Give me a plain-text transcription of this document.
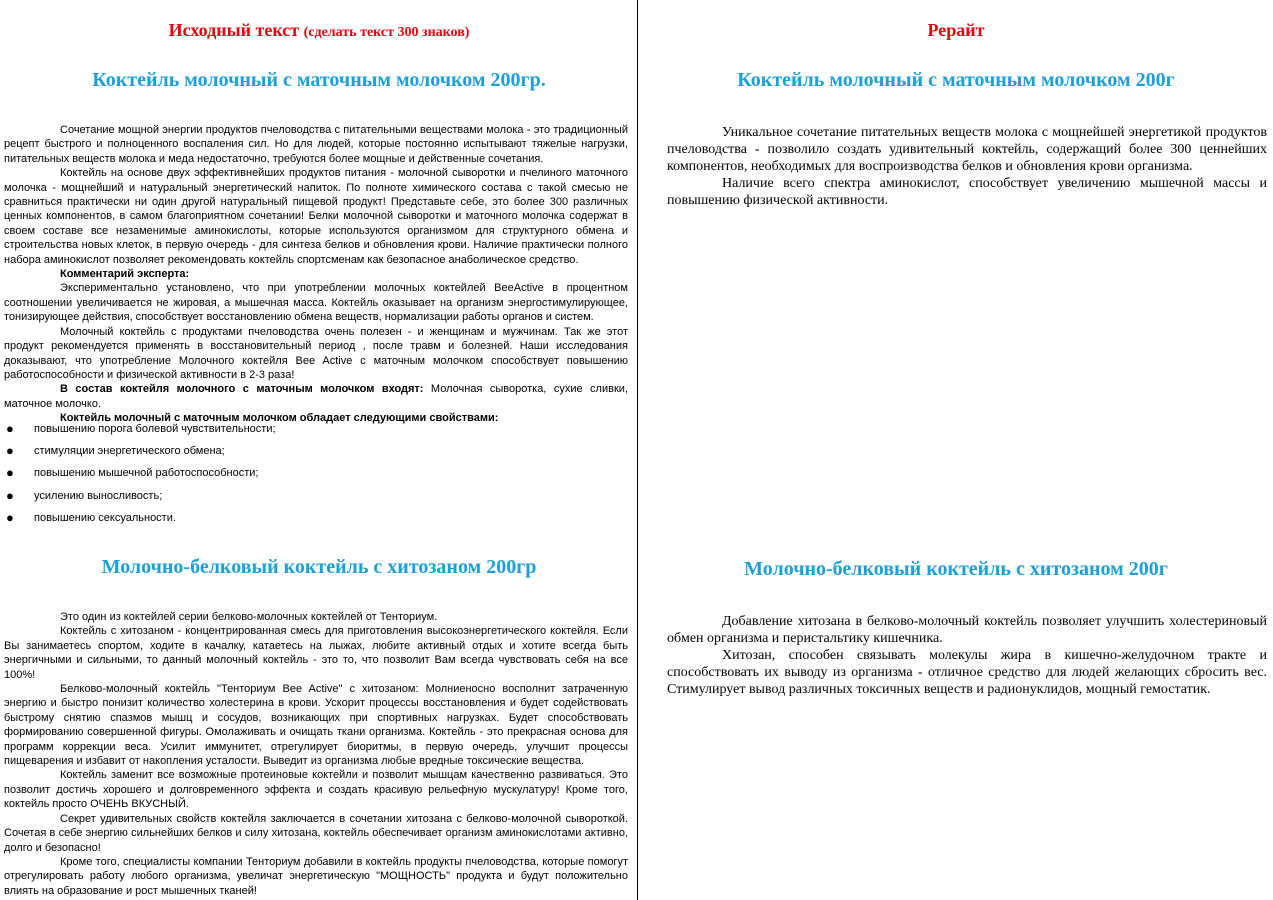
Исходный текст (сделать текст 300 знаков)
Коктейль молочный с маточным молочком 200гр.

Сочетание мощной энергии продуктов пчеловодства с питательными веществами молока - это традиционный рецепт быстрого и полноценного воспаления сил. Но для людей, которые постоянно испытывают тяжелые нагрузки, питательных веществ молока и меда недостаточно, требуются более мощные и действенные сочетания.

Коктейль на основе двух эффективнейших продуктов питания - молочной сыворотки и пчелиного маточного молочка - мощнейший и натуральный энергетический напиток. По полноте химического состава с такой смесью не сравниться практически ни один другой натуральный пищевой продукт! Представьте себе, это более 300 различных ценных компонентов, в самом благоприятном сочетании! Белки молочной сыворотки и маточного молочка содержат в своем составе все незаменимые аминокислоты, которые используются организмом для структурного обмена и строительства новых клеток, в первую очередь - для синтеза белков и обновления крови. Наличие практически полного набора аминокислот позволяет рекомендовать коктейль спортсменам как безопасное анаболическое средство.

Комментарий эксперта:

Экспериментально установлено, что при употреблении молочных коктейлей BeeActive в процентном соотношении увеличивается не жировая, а мышечная масса. Коктейль оказывает на организм энергостимулирующее, тонизирующее действия, способствует восстановлению обмена веществ, нормализации работы органов и систем.

Молочный коктейль с продуктами пчеловодства очень полезен - и женщинам и мужчинам. Так же этот продукт рекомендуется применять в восстановительный период , после травм и болезней. Наши исследования доказывают, что употребление Молочного коктейля Bee Active с маточным молочком способствует повышению работоспособности и физической активности в 2-3 раза!

В состав коктейля молочного с маточным молочком входят: Молочная сыворотка, сухие сливки, маточное молочко.

Коктейль молочный с маточным молочком обладает следующими свойствами:

● повышению порога болевой чувствительности;
● стимуляции энергетического обмена;
● повышению мышечной работоспособности;
● усилению выносливость;
● повышению сексуальности.
Молочно-белковый коктейль с хитозаном 200гр

Это один из коктейлей серии белково-молочных коктейлей от Тенториум.

Коктейль с хитозаном - концентрированная смесь для приготовления высокоэнергетического коктейля. Если Вы занимаетесь спортом, ходите в качалку, катаетесь на лыжах, любите активный отдых и хотите всегда быть энергичными и сильными, то данный молочный коктейль - это то, что позволит Вам всегда чувствовать себя на все 100%!

Белково-молочный коктейль "Тенториум Bee Active" с хитозаном: Молниеносно восполнит затраченную энергию и быстро понизит количество холестерина в крови. Ускорит процессы восстановления и будет содействовать быстрому снятию спазмов мышц и сосудов, возникающих при спортивных нагрузках. Будет способствовать формированию совершенной фигуры. Омолаживать и очищать ткани организма. Коктейль - это прекрасная основа для программ коррекции веса. Усилит иммунитет, отрегулирует биоритмы, в первую очередь, улучшит процессы пищеварения и избавит от накопления усталости. Выведит из организма любые вредные токсические вещества.

Коктейль заменит все возможные протеиновые коктейли и позволит мышцам качественно развиваться. Это позволит достичь хорошего и долговременного эффекта и создать красивую рельефную мускулатуру! Кроме того, коктейль просто ОЧЕНЬ ВКУСНЫЙ.

Секрет удивительных свойств коктейля заключается в сочетании хитозана с белково-молочной сывороткой. Сочетая в себе энергию сильнейших белков и силу хитозана, коктейль обеспечивает организм аминокислотами активно, долго и безопасно!

Кроме того, специалисты компании Тенториум добавили в коктейль продукты пчеловодства, которые помогут отрегулировать работу любого организма, увеличат энергетическую "МОЩНОСТЬ" продукта и будут положительно влиять на образование и рост мышечных тканей!

Рерайт
Коктейль молочный с маточным молочком 200г

Уникальное сочетание питательных веществ молока с мощнейшей энергетикой продуктов пчеловодства - позволило создать удивительный коктейль, содержащий более 300 ценнейших компонентов, необходимых для воспроизводства белков и обновления крови организма.

Наличие всего спектра аминокислот, способствует увеличению мышечной массы и повышению физической активности.

Молочно-белковый коктейль с хитозаном 200г

Добавление хитозана в белково-молочный коктейль позволяет улучшить холестериновый обмен организма и перистальтику кишечника.

Хитозан, способен связывать молекулы жира в кишечно-желудочном тракте и способствовать их выводу из организма - отличное средство для людей желающих сбросить вес. Стимулирует вывод различных токсичных веществ и радионуклидов, мощный гемостатик.
